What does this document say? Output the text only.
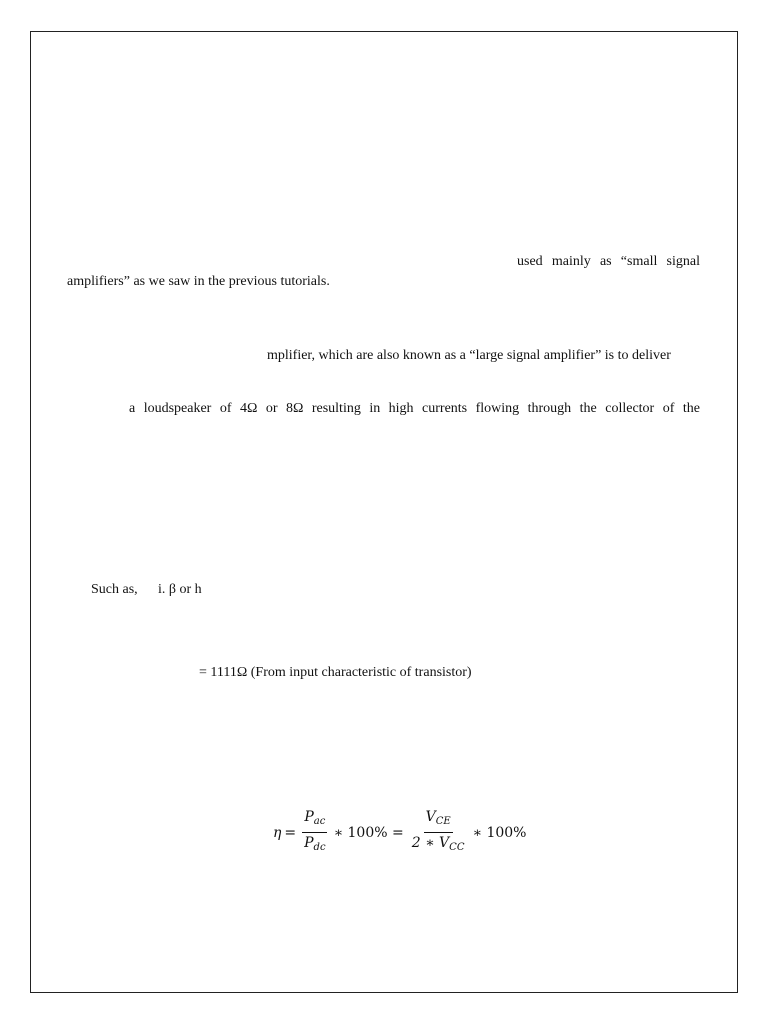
used mainly as “small signal
amplifiers” as we saw in the previous tutorials.
mplifier, which are also known as a “large signal amplifier” is to deliver
a loudspeaker of 4Ω or 8Ω resulting in high currents flowing through the collector of the
Such as, i. β or h
= 1111Ω (From input characteristic of transistor)
$\eta = \frac{P_{ac}}{P_{dc}}$ ∗ $100\% = \frac{V_{CE}}{2 ∗ V_{CC}}$ ∗ 100%
